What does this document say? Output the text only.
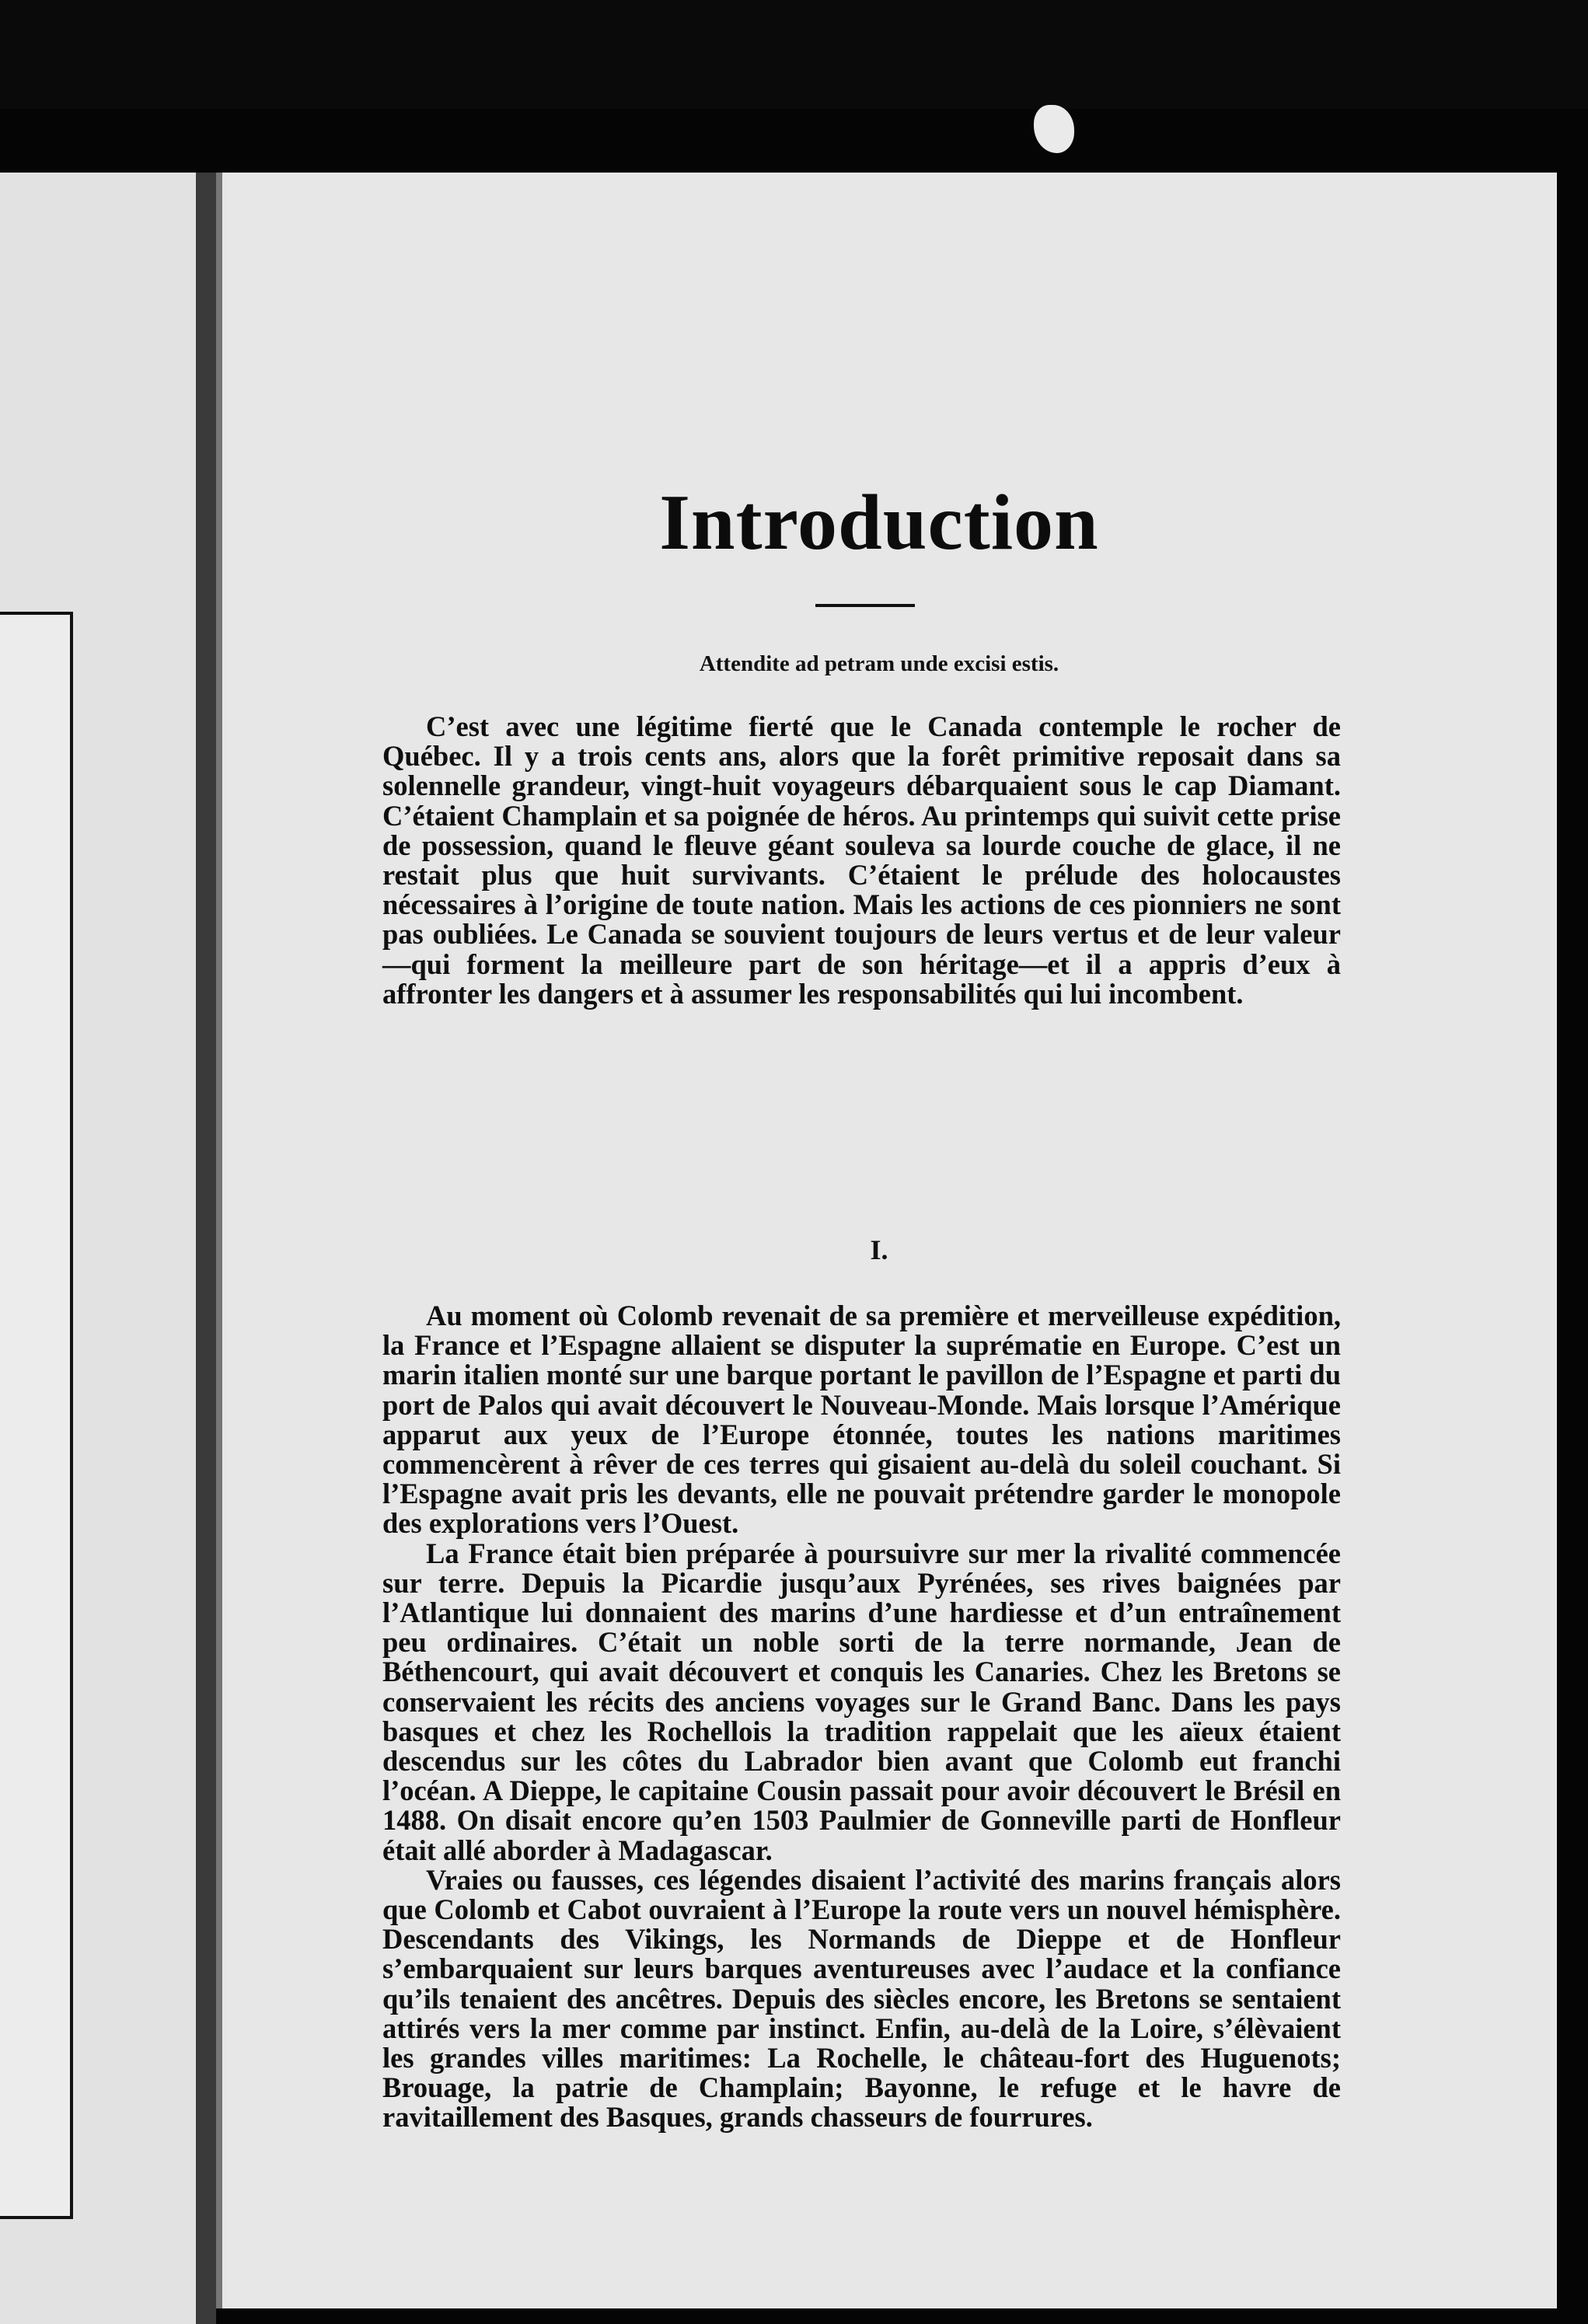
Introduction
Attendite ad petram unde excisi estis.

C’est avec une légitime fierté que le Canada contemple le rocher de Québec. Il y a trois cents ans, alors que la forêt primitive reposait dans sa solennelle grandeur, vingt-huit voyageurs débarquaient sous le cap Diamant. C’étaient Champlain et sa poignée de héros. Au printemps qui suivit cette prise de possession, quand le fleuve géant souleva sa lourde couche de glace, il ne restait plus que huit survivants. C’étaient le prélude des holocaustes nécessaires à l’origine de toute nation. Mais les actions de ces pionniers ne sont pas oubliées. Le Canada se souvient toujours de leurs vertus et de leur valeur—qui forment la meilleure part de son héritage—et il a appris d’eux à affronter les dangers et à assumer les responsabilités qui lui incombent.

I.

Au moment où Colomb revenait de sa première et merveilleuse expédition, la France et l’Espagne allaient se disputer la suprématie en Europe. C’est un marin italien monté sur une barque portant le pavillon de l’Espagne et parti du port de Palos qui avait découvert le Nouveau-Monde. Mais lorsque l’Amérique apparut aux yeux de l’Europe étonnée, toutes les nations maritimes commencèrent à rêver de ces terres qui gisaient au-delà du soleil couchant. Si l’Espagne avait pris les devants, elle ne pouvait prétendre garder le monopole des explorations vers l’Ouest.

La France était bien préparée à poursuivre sur mer la rivalité commencée sur terre. Depuis la Picardie jusqu’aux Pyrénées, ses rives baignées par l’Atlantique lui donnaient des marins d’une hardiesse et d’un entraînement peu ordinaires. C’était un noble sorti de la terre normande, Jean de Béthencourt, qui avait découvert et conquis les Canaries. Chez les Bretons se conservaient les récits des anciens voyages sur le Grand Banc. Dans les pays basques et chez les Rochellois la tradition rappelait que les aïeux étaient descendus sur les côtes du Labrador bien avant que Colomb eut franchi l’océan. A Dieppe, le capitaine Cousin passait pour avoir découvert le Brésil en 1488. On disait encore qu’en 1503 Paulmier de Gonneville parti de Honfleur était allé aborder à Madagascar.

Vraies ou fausses, ces légendes disaient l’activité des marins français alors que Colomb et Cabot ouvraient à l’Europe la route vers un nouvel hémisphère. Descendants des Vikings, les Normands de Dieppe et de Honfleur s’embarquaient sur leurs barques aventureuses avec l’audace et la confiance qu’ils tenaient des ancêtres. Depuis des siècles encore, les Bretons se sentaient attirés vers la mer comme par instinct. Enfin, au-delà de la Loire, s’élèvaient les grandes villes maritimes: La Rochelle, le château-fort des Huguenots; Brouage, la patrie de Champlain; Bayonne, le refuge et le havre de ravitaillement des Basques, grands chasseurs de fourrures.
